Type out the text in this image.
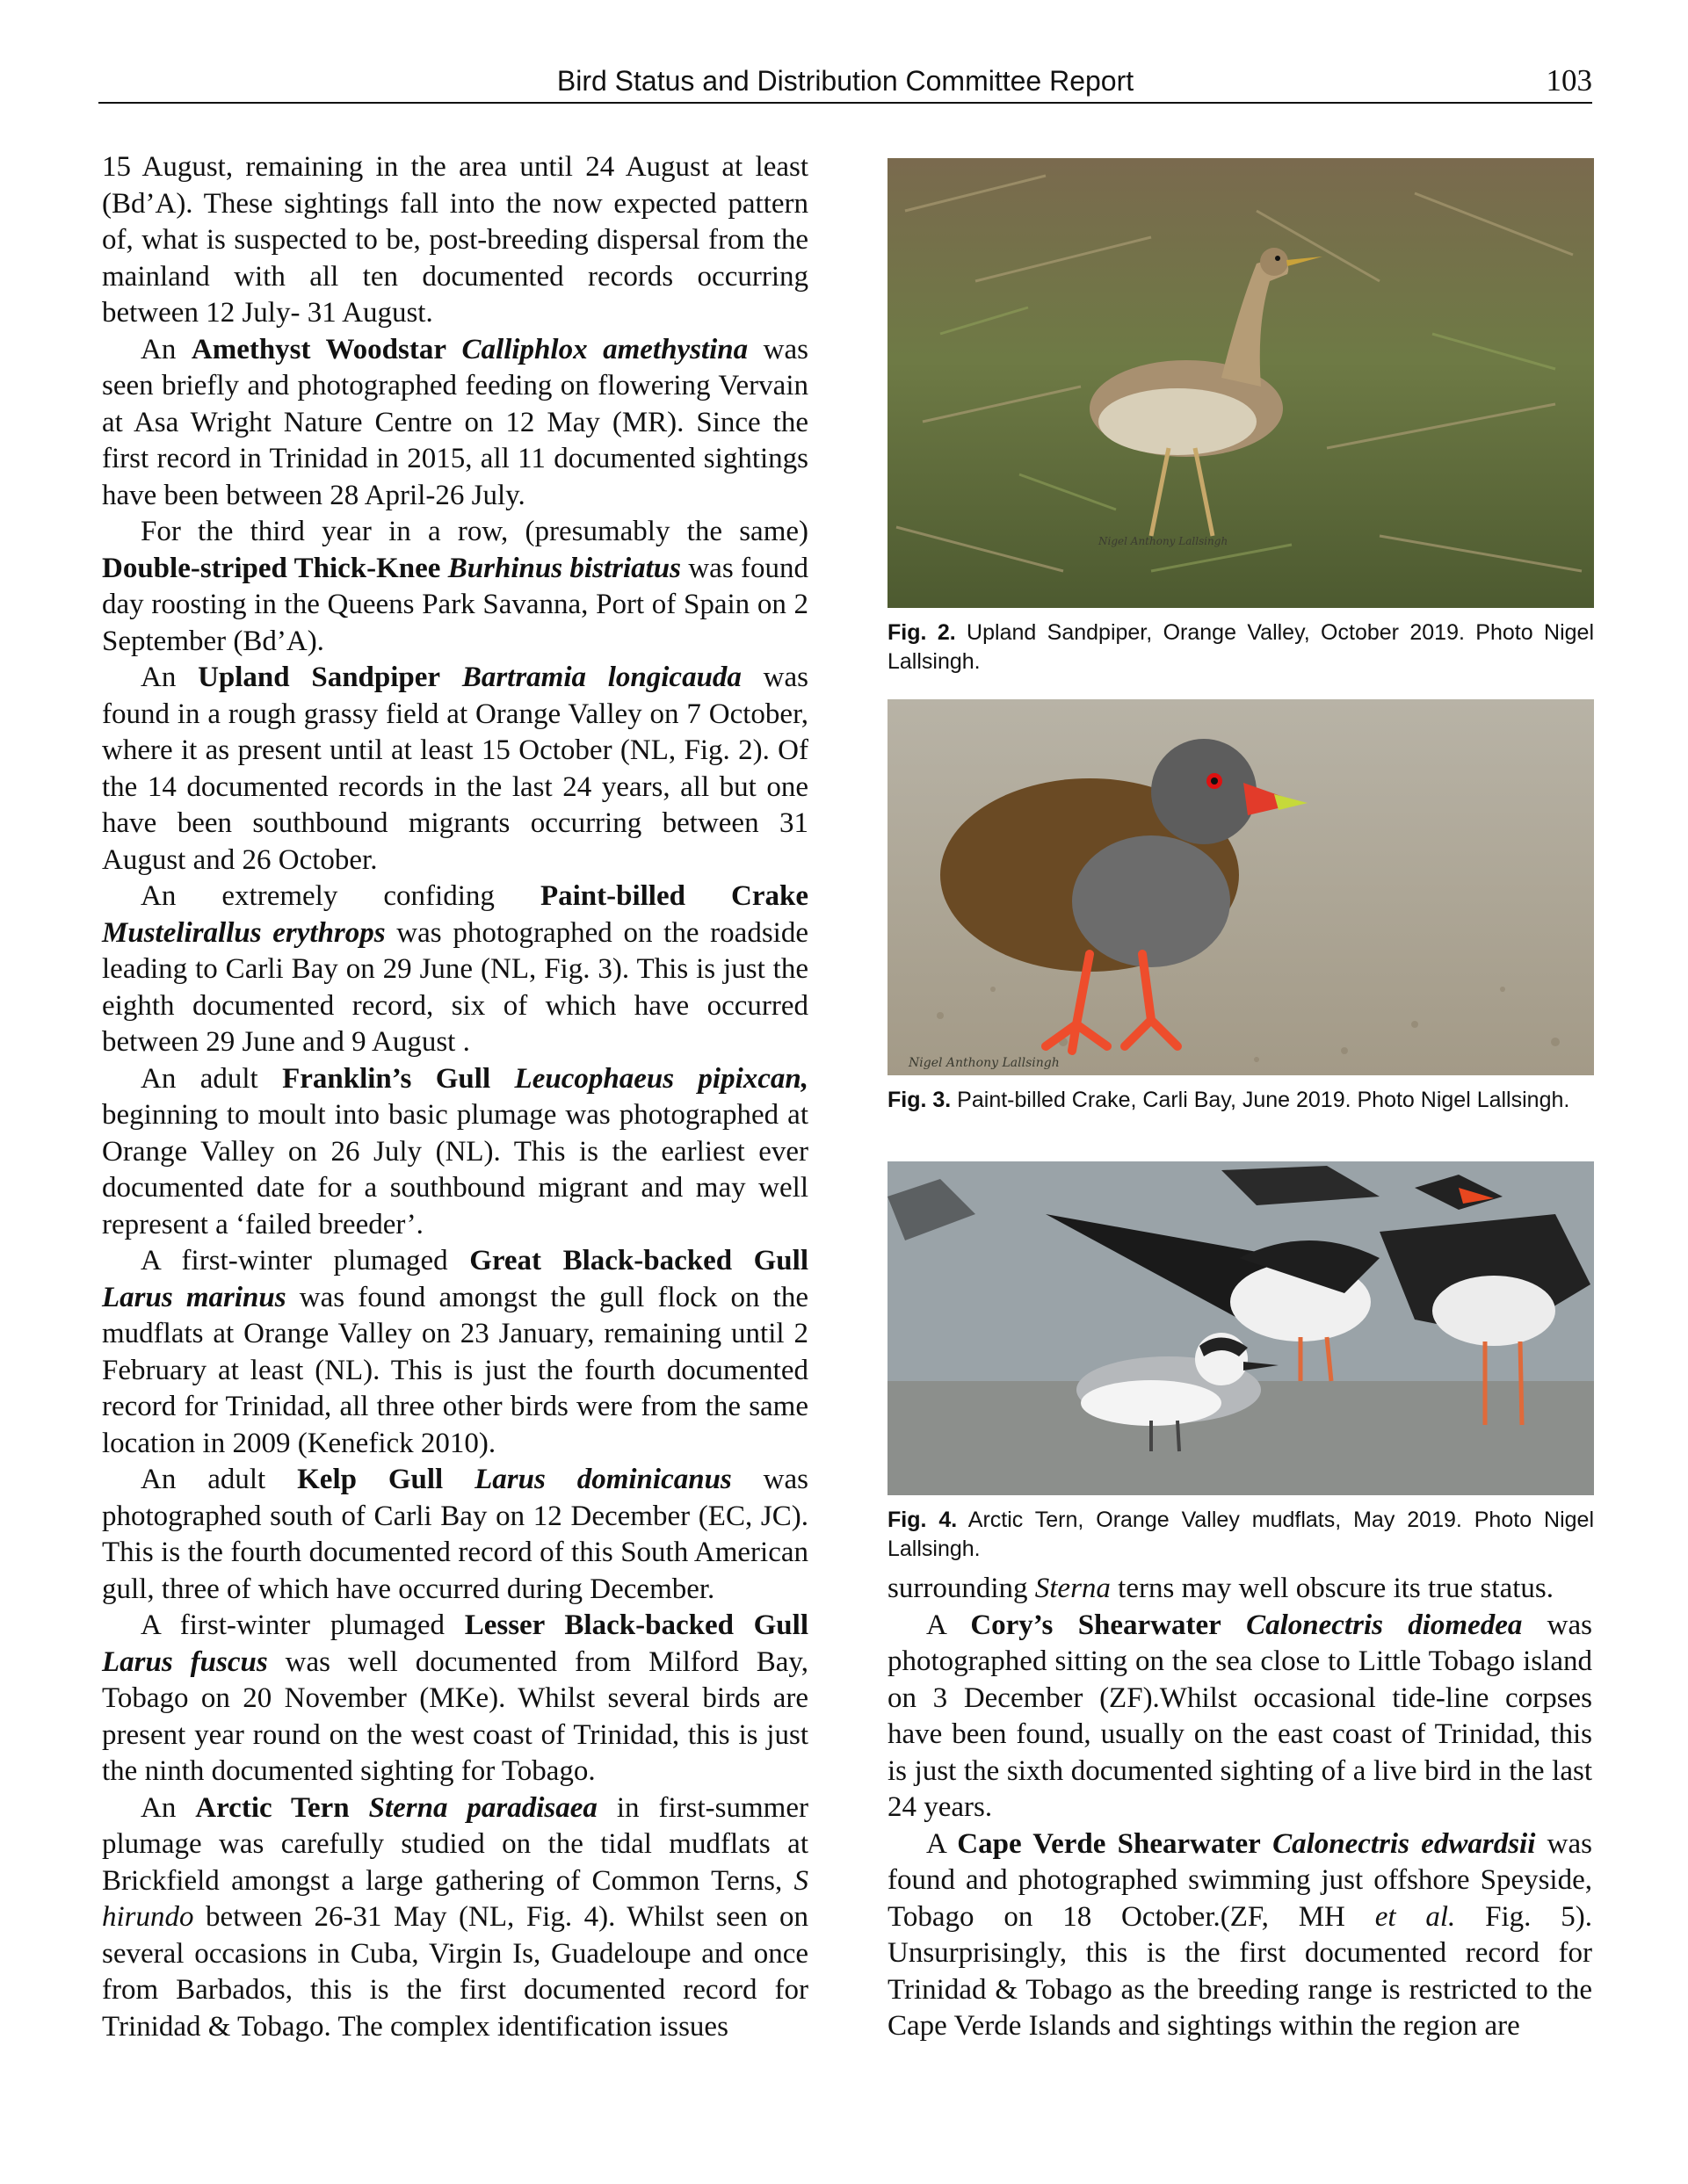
Bird Status and Distribution Committee Report	103

15 August, remaining in the area until 24 August at least (Bd’A). These sightings fall into the now expected pattern of, what is suspected to be, post-breeding dispersal from the mainland with all ten documented records occurring between 12 July- 31 August.

An Amethyst Woodstar Calliphlox amethystina was seen briefly and photographed feeding on flowering Vervain at Asa Wright Nature Centre on 12 May (MR). Since the first record in Trinidad in 2015, all 11 documented sightings have been between 28 April-26 July.

For the third year in a row, (presumably the same) Double-striped Thick-Knee Burhinus bistriatus was found day roosting in the Queens Park Savanna, Port of Spain on 2 September (Bd’A).

An Upland Sandpiper Bartramia longicauda was found in a rough grassy field at Orange Valley on 7 October, where it as present until at least 15 October (NL, Fig. 2). Of the 14 documented records in the last 24 years, all but one have been southbound migrants occurring between 31 August and 26 October.

An extremely confiding Paint-billed Crake Mustelirallus erythrops was photographed on the roadside leading to Carli Bay on 29 June (NL, Fig. 3). This is just the eighth documented record, six of which have occurred between 29 June and 9 August .

An adult Franklin’s Gull Leucophaeus pipixcan, beginning to moult into basic plumage was photographed at Orange Valley on 26 July (NL). This is the earliest ever documented date for a southbound migrant and may well represent a ‘failed breeder’.

A first-winter plumaged Great Black-backed Gull Larus marinus was found amongst the gull flock on the mudflats at Orange Valley on 23 January, remaining until 2 February at least (NL). This is just the fourth documented record for Trinidad, all three other birds were from the same location in 2009 (Kenefick 2010).

An adult Kelp Gull Larus dominicanus was photographed south of Carli Bay on 12 December (EC, JC). This is the fourth documented record of this South American gull, three of which have occurred during December.

A first-winter plumaged Lesser Black-backed Gull Larus fuscus was well documented from Milford Bay, Tobago on 20 November (MKe). Whilst several birds are present year round on the west coast of Trinidad, this is just the ninth documented sighting for Tobago.

An Arctic Tern Sterna paradisaea in first-summer plumage was carefully studied on the tidal mudflats at Brickfield amongst a large gathering of Common Terns, S hirundo between 26-31 May (NL, Fig. 4). Whilst seen on several occasions in Cuba, Virgin Is, Guadeloupe and once from Barbados, this is the first documented record for Trinidad & Tobago. The complex identification issues

Nigel Anthony Lallsingh
Fig. 2. Upland Sandpiper, Orange Valley, October 2019. Photo Nigel Lallsingh.
Nigel Anthony Lallsingh
Fig. 3. Paint-billed Crake, Carli Bay, June 2019. Photo Nigel Lallsingh.
Fig. 4. Arctic Tern, Orange Valley mudflats, May 2019. Photo Nigel Lallsingh.

surrounding Sterna terns may well obscure its true status.

A Cory’s Shearwater Calonectris diomedea was photographed sitting on the sea close to Little Tobago island on 3 December (ZF).Whilst occasional tide-line corpses have been found, usually on the east coast of Trinidad, this is just the sixth documented sighting of a live bird in the last 24 years.

A Cape Verde Shearwater Calonectris edwardsii was found and photographed swimming just offshore Speyside, Tobago on 18 October.(ZF, MH et al. Fig. 5). Unsurprisingly, this is the first documented record for Trinidad & Tobago as the breeding range is restricted to the Cape Verde Islands and sightings within the region are
